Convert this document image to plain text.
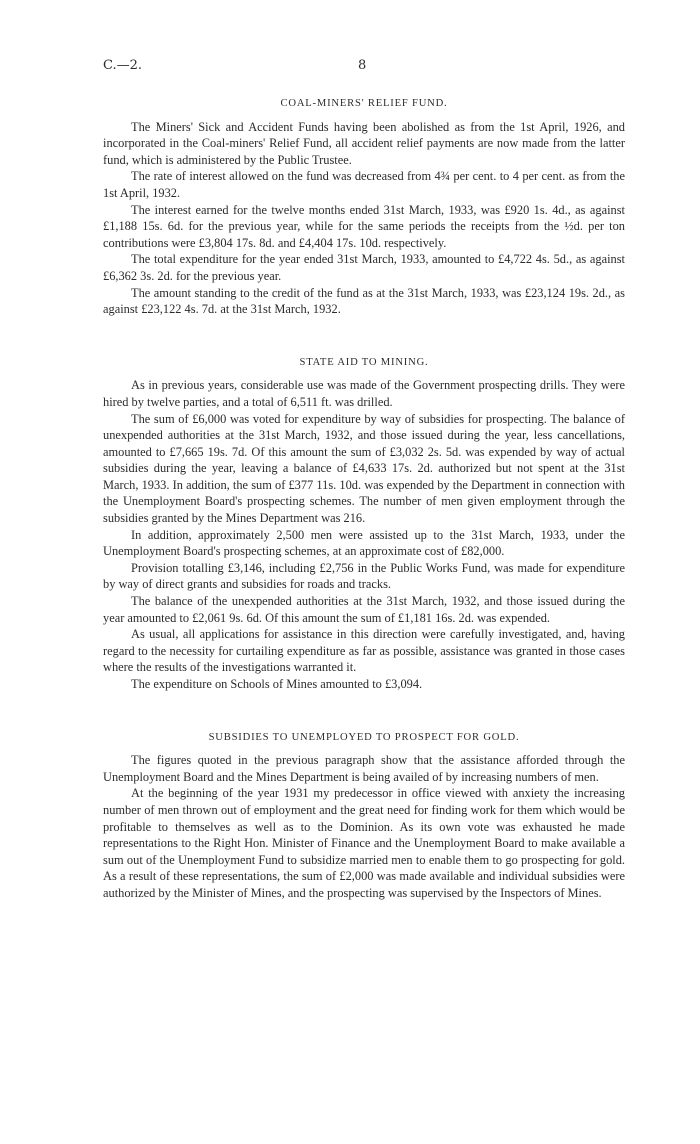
C.—2.	8
COAL-MINERS' RELIEF FUND.

The Miners' Sick and Accident Funds having been abolished as from the 1st April, 1926, and incorporated in the Coal-miners' Relief Fund, all accident relief payments are now made from the latter fund, which is administered by the Public Trustee.

The rate of interest allowed on the fund was decreased from 4¾ per cent. to 4 per cent. as from the 1st April, 1932.

The interest earned for the twelve months ended 31st March, 1933, was £920 1s. 4d., as against £1,188 15s. 6d. for the previous year, while for the same periods the receipts from the ½d. per ton contributions were £3,804 17s. 8d. and £4,404 17s. 10d. respectively.

The total expenditure for the year ended 31st March, 1933, amounted to £4,722 4s. 5d., as against £6,362 3s. 2d. for the previous year.

The amount standing to the credit of the fund as at the 31st March, 1933, was £23,124 19s. 2d., as against £23,122 4s. 7d. at the 31st March, 1932.

STATE AID TO MINING.

As in previous years, considerable use was made of the Government prospecting drills. They were hired by twelve parties, and a total of 6,511 ft. was drilled.

The sum of £6,000 was voted for expenditure by way of subsidies for prospecting. The balance of unexpended authorities at the 31st March, 1932, and those issued during the year, less cancellations, amounted to £7,665 19s. 7d. Of this amount the sum of £3,032 2s. 5d. was expended by way of actual subsidies during the year, leaving a balance of £4,633 17s. 2d. authorized but not spent at the 31st March, 1933. In addition, the sum of £377 11s. 10d. was expended by the Department in connection with the Unemployment Board's prospecting schemes. The number of men given employment through the subsidies granted by the Mines Department was 216.

In addition, approximately 2,500 men were assisted up to the 31st March, 1933, under the Unemployment Board's prospecting schemes, at an approximate cost of £82,000.

Provision totalling £3,146, including £2,756 in the Public Works Fund, was made for expenditure by way of direct grants and subsidies for roads and tracks.

The balance of the unexpended authorities at the 31st March, 1932, and those issued during the year amounted to £2,061 9s. 6d. Of this amount the sum of £1,181 16s. 2d. was expended.

As usual, all applications for assistance in this direction were carefully investigated, and, having regard to the necessity for curtailing expenditure as far as possible, assistance was granted in those cases where the results of the investigations warranted it.

The expenditure on Schools of Mines amounted to £3,094.

SUBSIDIES TO UNEMPLOYED TO PROSPECT FOR GOLD.

The figures quoted in the previous paragraph show that the assistance afforded through the Unemployment Board and the Mines Department is being availed of by increasing numbers of men.

At the beginning of the year 1931 my predecessor in office viewed with anxiety the increasing number of men thrown out of employment and the great need for finding work for them which would be profitable to themselves as well as to the Dominion. As its own vote was exhausted he made representations to the Right Hon. Minister of Finance and the Unemployment Board to make available a sum out of the Unemployment Fund to subsidize married men to enable them to go prospecting for gold. As a result of these representations, the sum of £2,000 was made available and individual subsidies were authorized by the Minister of Mines, and the prospecting was supervised by the Inspectors of Mines.
